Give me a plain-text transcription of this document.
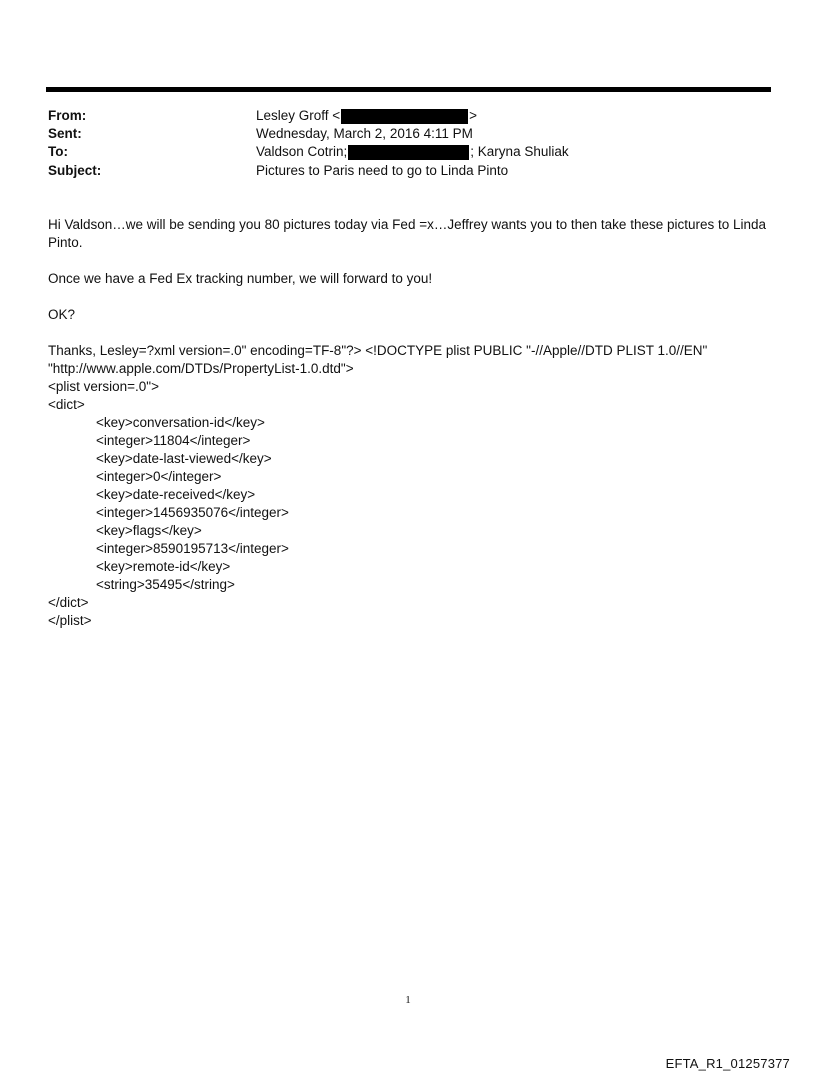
From:	Lesley Groff <	>
Sent:	Wednesday, March 2, 2016 4:11 PM
To:	Valdson Cotrin;	; Karyna Shuliak
Subject:	Pictures to Paris need to go to Linda Pinto

Hi Valdson…we will be sending you 80 pictures today via Fed =x…Jeffrey wants you to then take these pictures to Linda Pinto.

Once we have a Fed Ex tracking number, we will forward to you!

OK?

Thanks, Lesley=?xml version=.0" encoding=TF-8"?> <!DOCTYPE plist PUBLIC "-//Apple//DTD PLIST 1.0//EN"

"http://www.apple.com/DTDs/PropertyList-1.0.dtd">

<plist version=.0">
<dict>
<key>conversation-id</key>
<integer>11804</integer>
<key>date-last-viewed</key>
<integer>0</integer>
<key>date-received</key>
<integer>1456935076</integer>
<key>flags</key>
<integer>8590195713</integer>
<key>remote-id</key>
<string>35495</string>
</dict>
</plist>
1
EFTA_R1_01257377
